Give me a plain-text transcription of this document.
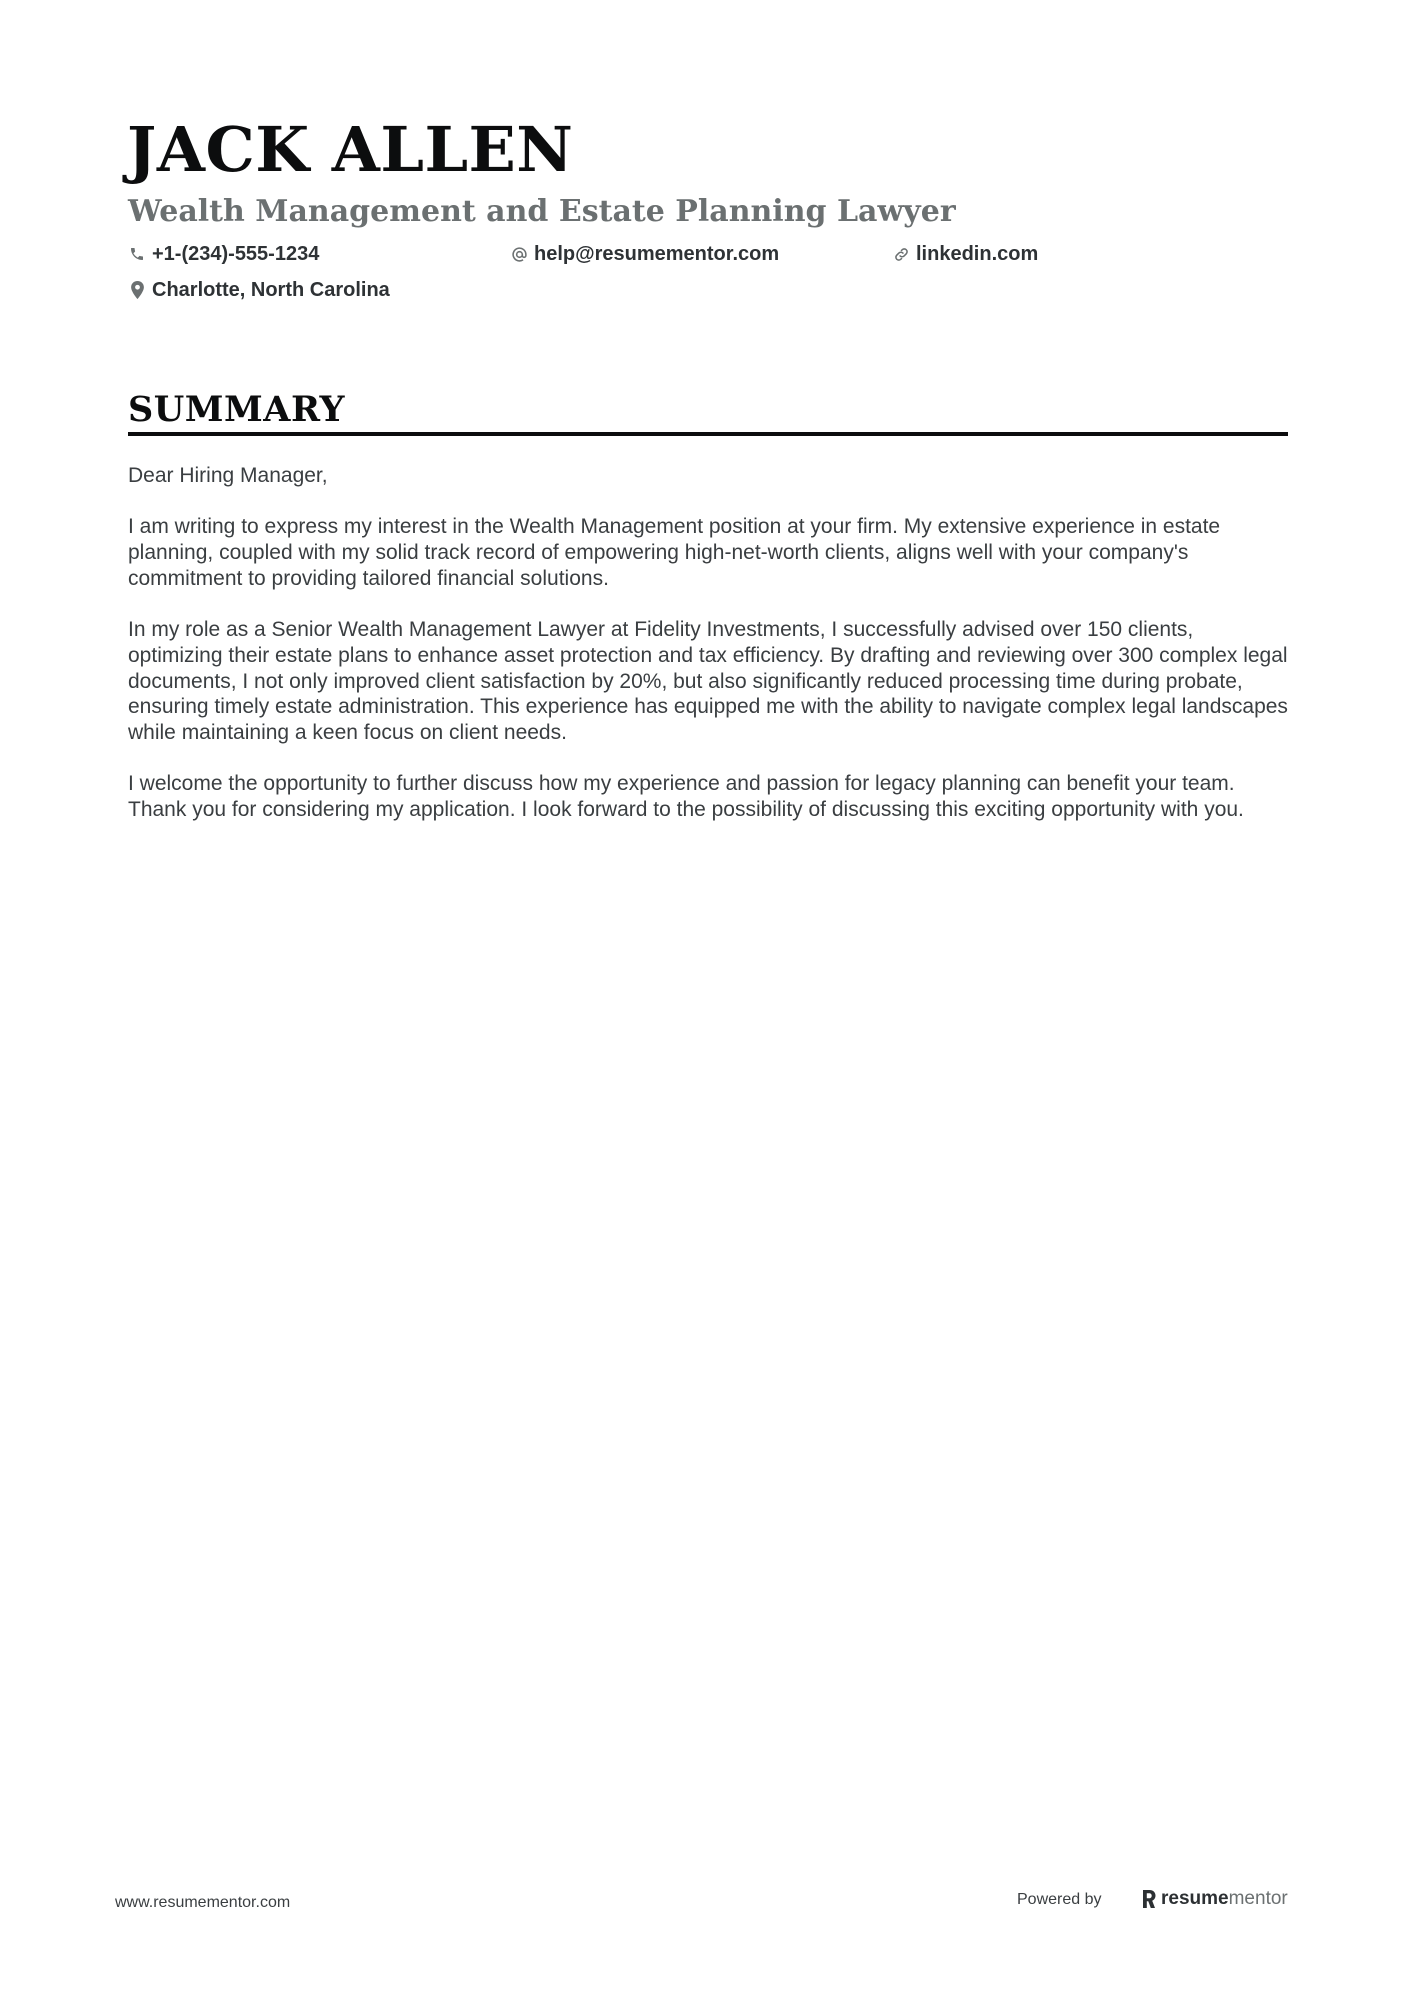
JACK ALLEN
Wealth Management and Estate Planning Lawyer
+1-(234)-555-1234	help@resumementor.com	linkedin.com
Charlotte, North Carolina
SUMMARY

Dear Hiring Manager,

I am writing to express my interest in the Wealth Management position at your firm. My extensive experience in estate planning, coupled with my solid track record of empowering high-net-worth clients, aligns well with your company's commitment to providing tailored financial solutions.

In my role as a Senior Wealth Management Lawyer at Fidelity Investments, I successfully advised over 150 clients, optimizing their estate plans to enhance asset protection and tax efficiency. By drafting and reviewing over 300 complex legal documents, I not only improved client satisfaction by 20%, but also significantly reduced processing time during probate, ensuring timely estate administration. This experience has equipped me with the ability to navigate complex legal landscapes while maintaining a keen focus on client needs.

I welcome the opportunity to further discuss how my experience and passion for legacy planning can benefit your team. Thank you for considering my application. I look forward to the possibility of discussing this exciting opportunity with you.

www.resumementor.com	Powered by	resume mentor
